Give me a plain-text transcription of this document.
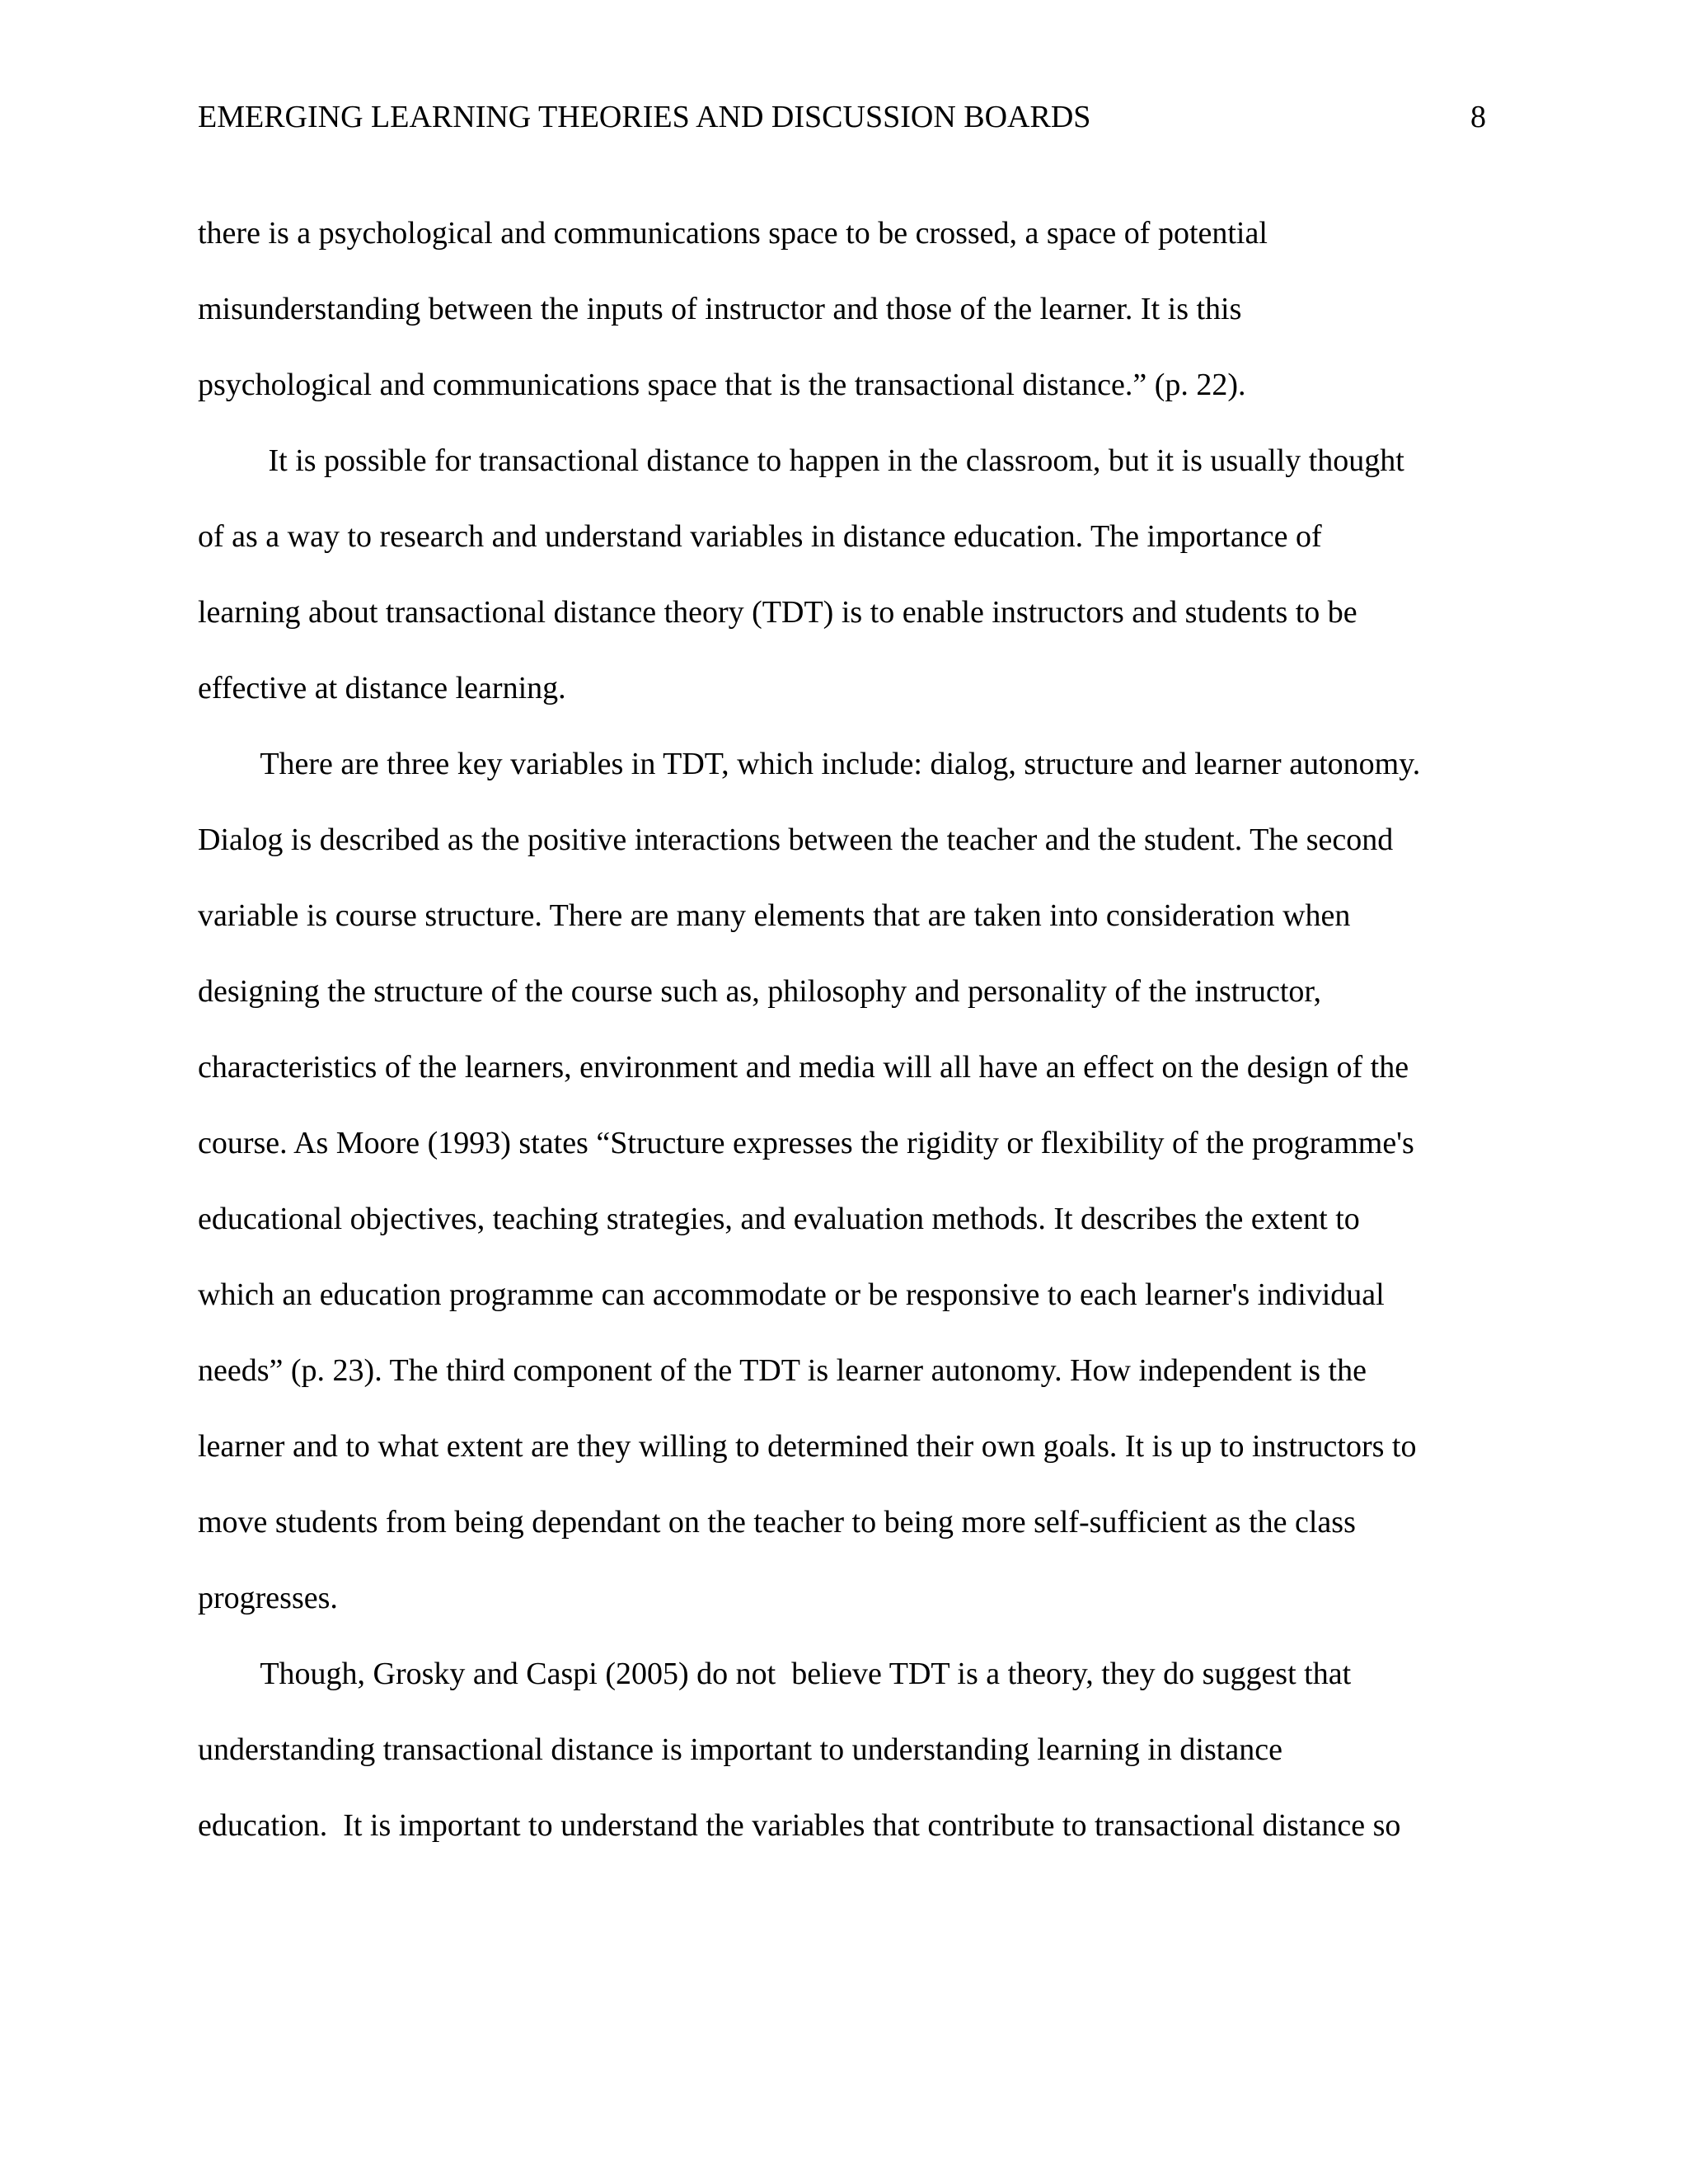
EMERGING LEARNING THEORIES AND DISCUSSION BOARDS	8
there is a psychological and communications space to be crossed, a space of potential
misunderstanding between the inputs of instructor and those of the learner. It is this
psychological and communications space that is the transactional distance.” (p. 22).
It is possible for transactional distance to happen in the classroom, but it is usually thought
of as a way to research and understand variables in distance education. The importance of
learning about transactional distance theory (TDT) is to enable instructors and students to be
effective at distance learning.
There are three key variables in TDT, which include: dialog, structure and learner autonomy.
Dialog is described as the positive interactions between the teacher and the student. The second
variable is course structure. There are many elements that are taken into consideration when
designing the structure of the course such as, philosophy and personality of the instructor,
characteristics of the learners, environment and media will all have an effect on the design of the
course. As Moore (1993) states “Structure expresses the rigidity or flexibility of the programme's
educational objectives, teaching strategies, and evaluation methods. It describes the extent to
which an education programme can accommodate or be responsive to each learner's individual
needs” (p. 23). The third component of the TDT is learner autonomy. How independent is the
learner and to what extent are they willing to determined their own goals. It is up to instructors to
move students from being dependant on the teacher to being more self-sufficient as the class
progresses.
Though, Grosky and Caspi (2005) do not  believe TDT is a theory, they do suggest that
understanding transactional distance is important to understanding learning in distance
education.  It is important to understand the variables that contribute to transactional distance so
